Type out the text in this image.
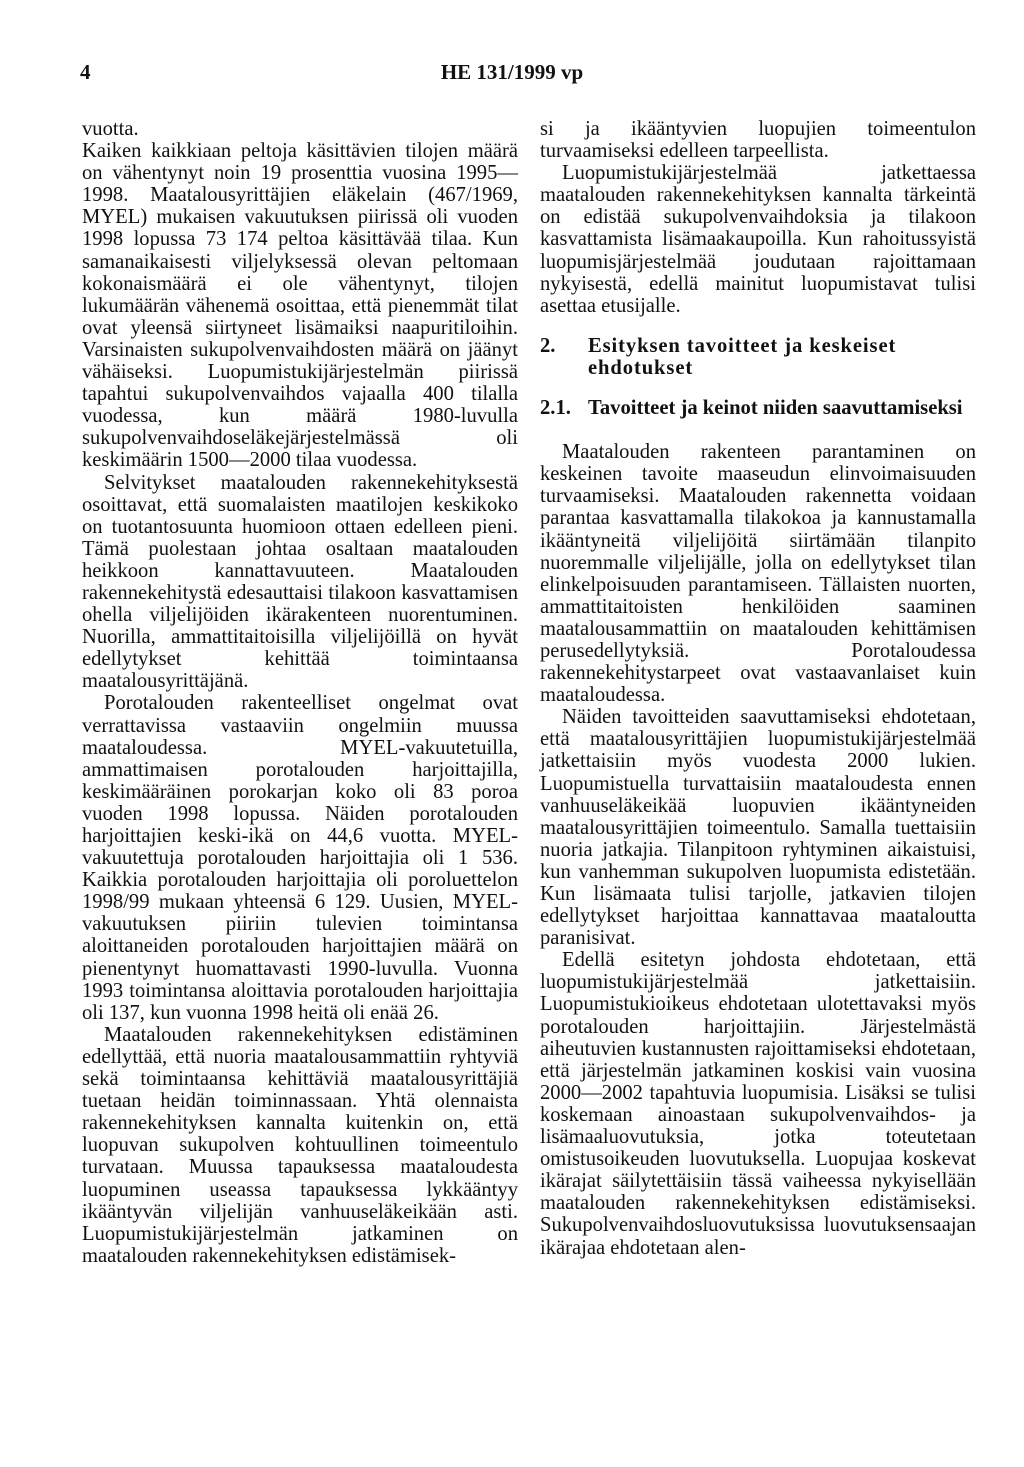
4	HE 131/1999 vp

vuotta.

Kaiken kaikkiaan peltoja käsittävien tilojen määrä on vähentynyt noin 19 prosenttia vuosina 1995—1998. Maatalousyrittäjien eläkelain (467/1969, MYEL) mukaisen vakuutuksen piirissä oli vuoden 1998 lopussa 73 174 peltoa käsittävää tilaa. Kun samanaikaisesti viljelyksessä olevan peltomaan kokonaismäärä ei ole vähentynyt, tilojen lukumäärän vähenemä osoittaa, että pienemmät tilat ovat yleensä siirtyneet lisämaiksi naapuritiloihin. Varsinaisten sukupolvenvaihdosten määrä on jäänyt vähäiseksi. Luopumistukijärjestelmän piirissä tapahtui sukupolvenvaihdos vajaalla 400 tilalla vuodessa, kun määrä 1980-luvulla sukupolvenvaihdoseläkejärjestelmässä oli keskimäärin 1500—2000 tilaa vuodessa.

Selvitykset maatalouden rakennekehityksestä osoittavat, että suomalaisten maatilojen keskikoko on tuotantosuunta huomioon ottaen edelleen pieni. Tämä puolestaan johtaa osaltaan maatalouden heikkoon kannattavuuteen. Maatalouden rakennekehitystä edesauttaisi tilakoon kasvattamisen ohella viljelijöiden ikärakenteen nuorentuminen. Nuorilla, ammattitaitoisilla viljelijöillä on hyvät edellytykset kehittää toimintaansa maatalousyrittäjänä.

Porotalouden rakenteelliset ongelmat ovat verrattavissa vastaaviin ongelmiin muussa maataloudessa. MYEL-vakuutetuilla, ammattimaisen porotalouden harjoittajilla, keskimääräinen porokarjan koko oli 83 poroa vuoden 1998 lopussa. Näiden porotalouden harjoittajien keski-ikä on 44,6 vuotta. MYEL-vakuutettuja porotalouden harjoittajia oli 1 536. Kaikkia porotalouden harjoittajia oli poroluettelon 1998/99 mukaan yhteensä 6 129. Uusien, MYEL-vakuutuksen piiriin tulevien toimintansa aloittaneiden porotalouden harjoittajien määrä on pienentynyt huomattavasti 1990-luvulla. Vuonna 1993 toimintansa aloittavia porotalouden harjoittajia oli 137, kun vuonna 1998 heitä oli enää 26.

Maatalouden rakennekehityksen edistäminen edellyttää, että nuoria maatalousammattiin ryhtyviä sekä toimintaansa kehittäviä maatalousyrittäjiä tuetaan heidän toiminnassaan. Yhtä olennaista rakennekehityksen kannalta kuitenkin on, että luopuvan sukupolven kohtuullinen toimeentulo turvataan. Muussa tapauksessa maataloudesta luopuminen useassa tapauksessa lykkääntyy ikääntyvän viljelijän vanhuuseläkeikään asti. Luopumistukijärjestelmän jatkaminen on maatalouden rakennekehityksen edistämisek-

si ja ikääntyvien luopujien toimeentulon turvaamiseksi edelleen tarpeellista.

Luopumistukijärjestelmää jatkettaessa maatalouden rakennekehityksen kannalta tärkeintä on edistää sukupolvenvaihdoksia ja tilakoon kasvattamista lisämaakaupoilla. Kun rahoitussyistä luopumisjärjestelmää joudutaan rajoittamaan nykyisestä, edellä mainitut luopumistavat tulisi asettaa etusijalle.

2.	Esityksen tavoitteet ja keskeiset ehdotukset
2.1. Tavoitteet ja keinot niiden saavuttamiseksi

Maatalouden rakenteen parantaminen on keskeinen tavoite maaseudun elinvoimaisuuden turvaamiseksi. Maatalouden rakennetta voidaan parantaa kasvattamalla tilakokoa ja kannustamalla ikääntyneitä viljelijöitä siirtämään tilanpito nuoremmalle viljelijälle, jolla on edellytykset tilan elinkelpoisuuden parantamiseen. Tällaisten nuorten, ammattitaitoisten henkilöiden saaminen maatalousammattiin on maatalouden kehittämisen perusedellytyksiä. Porotaloudessa rakennekehitystarpeet ovat vastaavanlaiset kuin maataloudessa.

Näiden tavoitteiden saavuttamiseksi ehdotetaan, että maatalousyrittäjien luopumistukijärjestelmää jatkettaisiin myös vuodesta 2000 lukien. Luopumistuella turvattaisiin maataloudesta ennen vanhuuseläkeikää luopuvien ikääntyneiden maatalousyrittäjien toimeentulo. Samalla tuettaisiin nuoria jatkajia. Tilanpitoon ryhtyminen aikaistuisi, kun vanhemman sukupolven luopumista edistetään. Kun lisämaata tulisi tarjolle, jatkavien tilojen edellytykset harjoittaa kannattavaa maataloutta paranisivat.

Edellä esitetyn johdosta ehdotetaan, että luopumistukijärjestelmää jatkettaisiin. Luopumistukioikeus ehdotetaan ulotettavaksi myös porotalouden harjoittajiin. Järjestelmästä aiheutuvien kustannusten rajoittamiseksi ehdotetaan, että järjestelmän jatkaminen koskisi vain vuosina 2000—2002 tapahtuvia luopumisia. Lisäksi se tulisi koskemaan ainoastaan sukupolvenvaihdos- ja lisämaaluovutuksia, jotka toteutetaan omistusoikeuden luovutuksella. Luopujaa koskevat ikärajat säilytettäisiin tässä vaiheessa nykyisellään maatalouden rakennekehityksen edistämiseksi. Sukupolvenvaihdosluovutuksissa luovutuksensaajan ikärajaa ehdotetaan alen-
